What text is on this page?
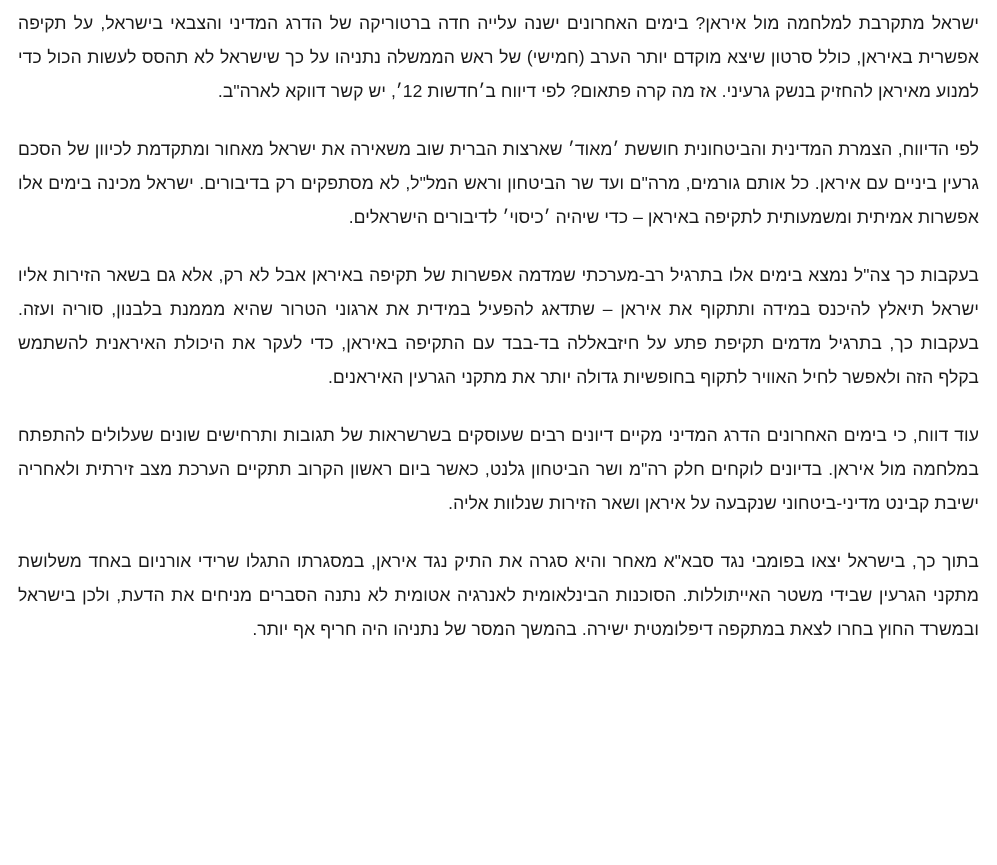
ישראל מתקרבת למלחמה מול איראן? בימים האחרונים ישנה עלייה חדה ברטוריקה של הדרג המדיני והצבאי בישראל, על תקיפה אפשרית באיראן, כולל סרטון שיצא מוקדם יותר הערב (חמישי) של ראש הממשלה נתניהו על כך שישראל לא תהסס לעשות הכול כדי למנוע מאיראן להחזיק בנשק גרעיני. אז מה קרה פתאום? לפי דיווח ב׳חדשות 12׳, יש קשר דווקא לארה"ב.

לפי הדיווח, הצמרת המדינית והביטחונית חוששת ׳מאוד׳ שארצות הברית שוב משאירה את ישראל מאחור ומתקדמת לכיוון של הסכם גרעין ביניים עם איראן. כל אותם גורמים, מרה"ם ועד שר הביטחון וראש המל"ל, לא מסתפקים רק בדיבורים. ישראל מכינה בימים אלו אפשרות אמיתית ומשמעותית לתקיפה באיראן – כדי שיהיה ׳כיסוי׳ לדיבורים הישראלים.

בעקבות כך צה"ל נמצא בימים אלו בתרגיל רב-מערכתי שמדמה אפשרות של תקיפה באיראן אבל לא רק, אלא גם בשאר הזירות אליו ישראל תיאלץ להיכנס במידה ותתקוף את איראן – שתדאג להפעיל במידית את ארגוני הטרור שהיא מממנת בלבנון, סוריה ועזה. בעקבות כך, בתרגיל מדמים תקיפת פתע על חיזבאללה בד-בבד עם התקיפה באיראן, כדי לעקר את היכולת האיראנית להשתמש בקלף הזה ולאפשר לחיל האוויר לתקוף בחופשיות גדולה יותר את מתקני הגרעין האיראנים.

עוד דווח, כי בימים האחרונים הדרג המדיני מקיים דיונים רבים שעוסקים בשרשראות של תגובות ותרחישים שונים שעלולים להתפתח במלחמה מול איראן. בדיונים לוקחים חלק רה"מ ושר הביטחון גלנט, כאשר ביום ראשון הקרוב תתקיים הערכת מצב זירתית ולאחריה ישיבת קבינט מדיני-ביטחוני שנקבעה על איראן ושאר הזירות שנלוות אליה.

בתוך כך, בישראל יצאו בפומבי נגד סבא"א מאחר והיא סגרה את התיק נגד איראן, במסגרתו התגלו שרידי אורניום באחד משלושת מתקני הגרעין שבידי משטר האייתוללות. הסוכנות הבינלאומית לאנרגיה אטומית לא נתנה הסברים מניחים את הדעת, ולכן בישראל ובמשרד החוץ בחרו לצאת במתקפה דיפלומטית ישירה. בהמשך המסר של נתניהו היה חריף אף יותר.
